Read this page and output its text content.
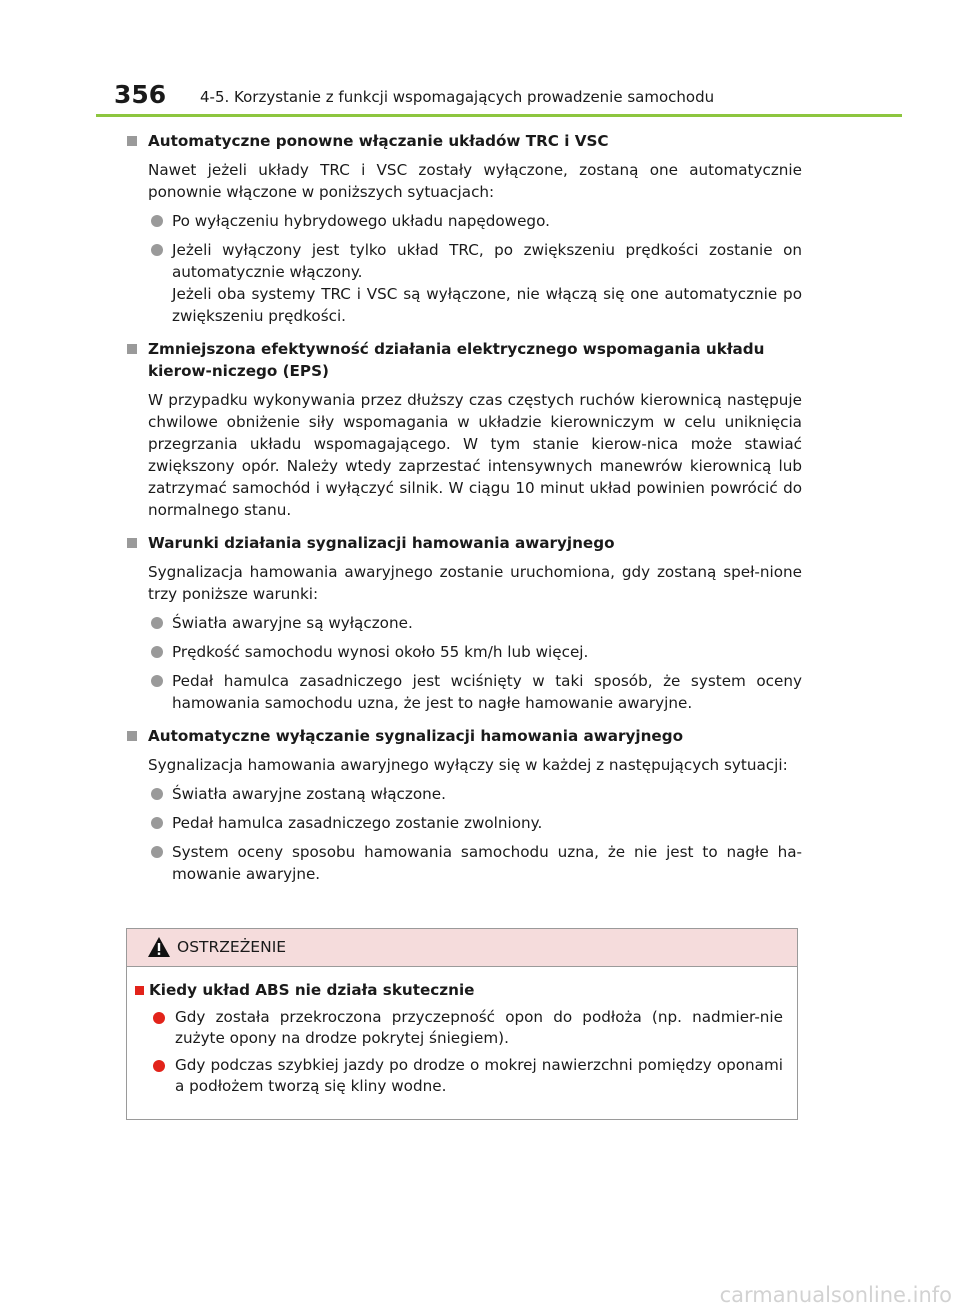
356 4-5. Korzystanie z funkcji wspomagających prowadzenie samochodu
Automatyczne ponowne włączanie układów TRC i VSC
Nawet jeżeli układy TRC i VSC zostały wyłączone, zostaną one automatycznie ponownie włączone w poniższych sytuacjach:
Po wyłączeniu hybrydowego układu napędowego.
Jeżeli wyłączony jest tylko układ TRC, po zwiększeniu prędkości zostanie on automatycznie włączony.
Jeżeli oba systemy TRC i VSC są wyłączone, nie włączą się one automatycznie po zwiększeniu prędkości.
Zmniejszona efektywność działania elektrycznego wspomagania układu kierow-niczego (EPS)
W przypadku wykonywania przez dłuższy czas częstych ruchów kierownicą następuje chwilowe obniżenie siły wspomagania w układzie kierowniczym w celu uniknięcia przegrzania układu wspomagającego. W tym stanie kierow-nica może stawiać zwiększony opór. Należy wtedy zaprzestać intensywnych manewrów kierownicą lub zatrzymać samochód i wyłączyć silnik. W ciągu 10 minut układ powinien powrócić do normalnego stanu.
Warunki działania sygnalizacji hamowania awaryjnego
Sygnalizacja hamowania awaryjnego zostanie uruchomiona, gdy zostaną speł-nione trzy poniższe warunki:
Światła awaryjne są wyłączone.
Prędkość samochodu wynosi około 55 km/h lub więcej.
Pedał hamulca zasadniczego jest wciśnięty w taki sposób, że system oceny hamowania samochodu uzna, że jest to nagłe hamowanie awaryjne.
Automatyczne wyłączanie sygnalizacji hamowania awaryjnego
Sygnalizacja hamowania awaryjnego wyłączy się w każdej z następujących sytuacji:
Światła awaryjne zostaną włączone.
Pedał hamulca zasadniczego zostanie zwolniony.
System oceny sposobu hamowania samochodu uzna, że nie jest to nagłe ha-mowanie awaryjne.
OSTRZEŻENIE
Kiedy układ ABS nie działa skutecznie
Gdy została przekroczona przyczepność opon do podłoża (np. nadmier-nie zużyte opony na drodze pokrytej śniegiem).
Gdy podczas szybkiej jazdy po drodze o mokrej nawierzchni pomiędzy oponami a podłożem tworzą się kliny wodne.
carmanualsonline.info
